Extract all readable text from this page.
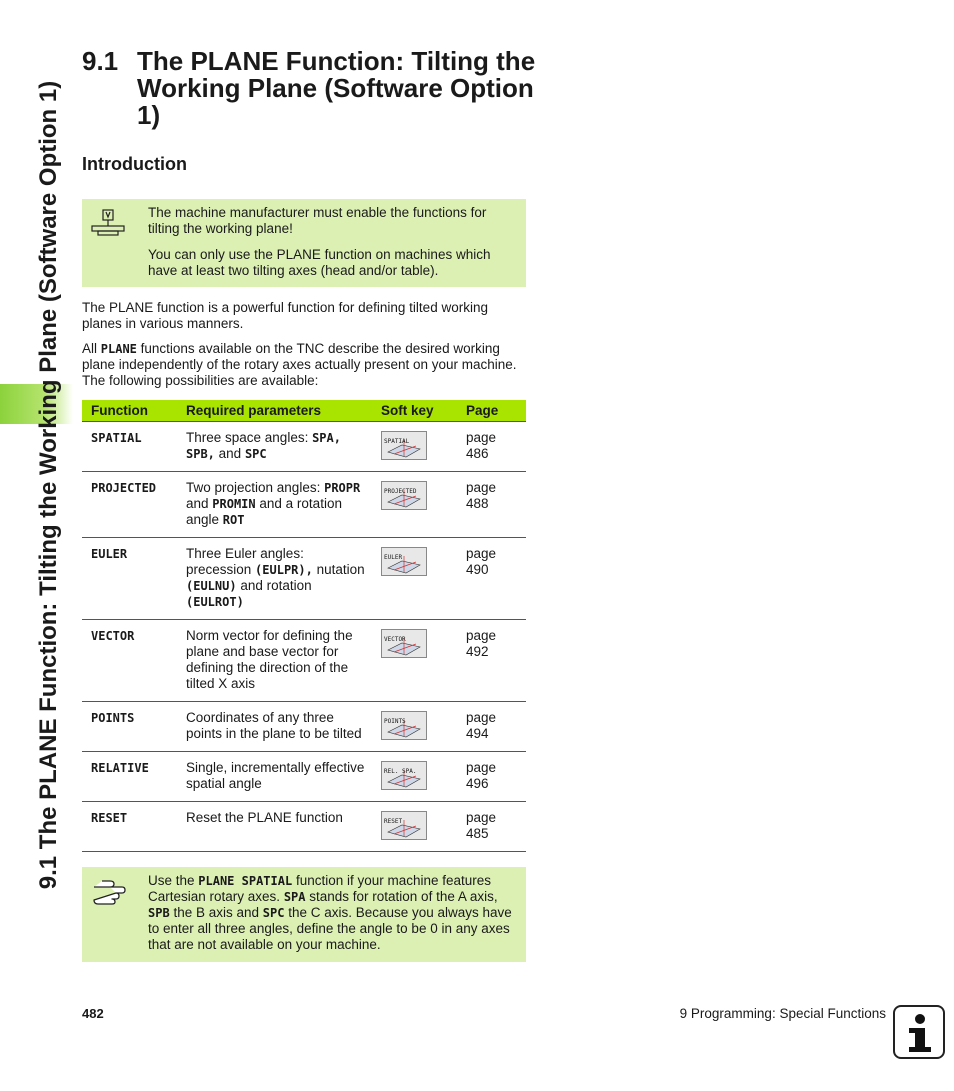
9.1 The PLANE Function: Tilting the Working Plane (Software Option 1)
9.1 The PLANE Function: Tilting the Working Plane (Software Option 1)
Introduction

The machine manufacturer must enable the functions for tilting the working plane!

You can only use the PLANE function on machines which have at least two tilting axes (head and/or table).

The PLANE function is a powerful function for defining tilted working planes in various manners.

All PLANE functions available on the TNC describe the desired working plane independently of the rotary axes actually present on your machine. The following possibilities are available:

Function	Required parameters	Soft key	Page
SPATIAL	Three space angles: SPA, SPB, and SPC	SPATIAL	page 486
PROJECTED	Two projection angles: PROPR and PROMIN and a rotation angle ROT	PROJECTED	page 488
EULER	Three Euler angles: precession (EULPR), nutation (EULNU) and rotation (EULROT)	EULER	page 490
VECTOR	Norm vector for defining the plane and base vector for defining the direction of the tilted X axis	VECTOR	page 492
POINTS	Coordinates of any three points in the plane to be tilted	POINTS	page 494
RELATIVE	Single, incrementally effective spatial angle	REL. SPA.	page 496
RESET	Reset the PLANE function	RESET	page 485

Use the PLANE SPATIAL function if your machine features Cartesian rotary axes. SPA stands for rotation of the A axis, SPB the B axis and SPC the C axis. Because you always have to enter all three angles, define the angle to be 0 in any axes that are not available on your machine.

482	9 Programming: Special Functions
